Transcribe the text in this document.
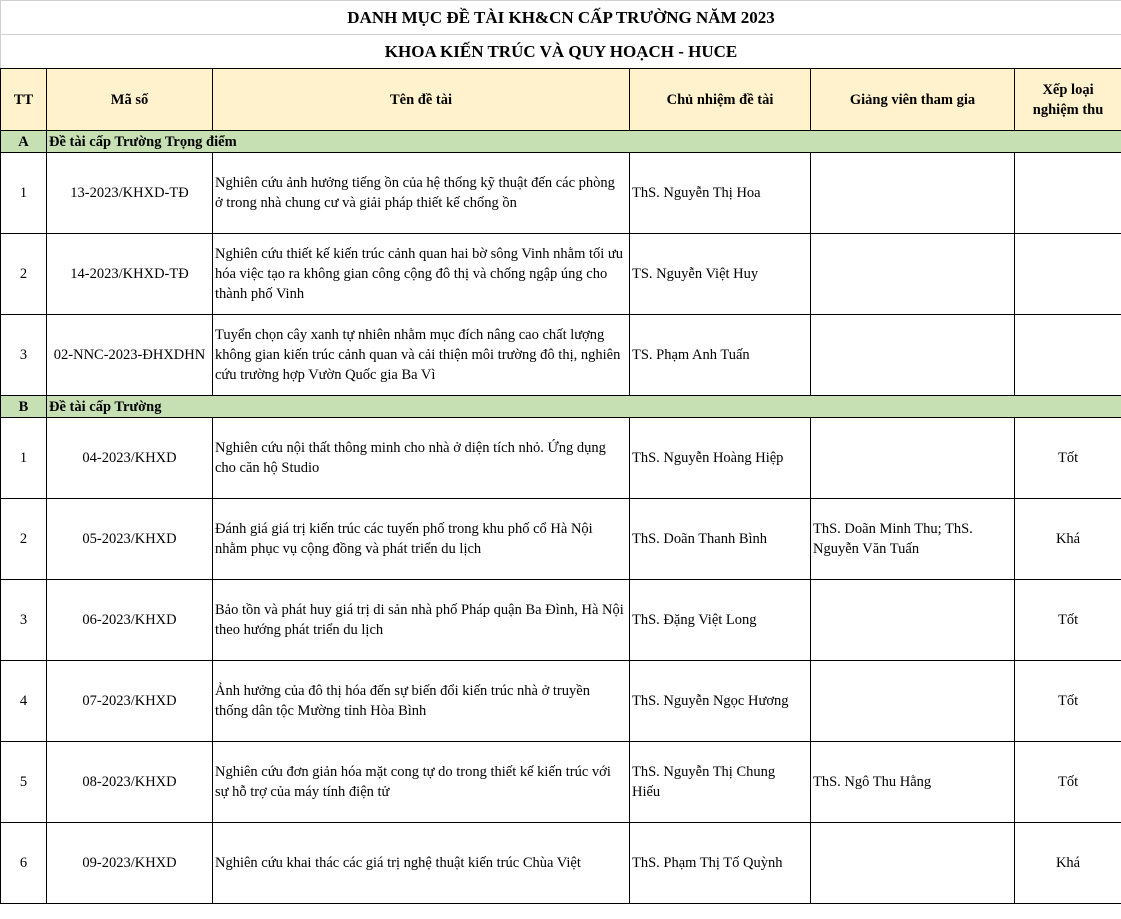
DANH MỤC ĐỀ TÀI KH&CN CẤP TRƯỜNG NĂM 2023					
KHOA KIẾN TRÚC VÀ QUY HOẠCH - HUCE					
TT	Mã số	Tên đề tài	Chủ nhiệm đề tài	Giảng viên tham gia	Xếp loại nghiệm thu
A	Đề tài cấp Trường Trọng điểm				
1	13-2023/KHXD-TĐ	Nghiên cứu ảnh hưởng tiếng ồn của hệ thống kỹ thuật đến các phòng ở trong nhà chung cư và giải pháp thiết kế chống ồn	ThS. Nguyễn Thị Hoa		
2	14-2023/KHXD-TĐ	Nghiên cứu thiết kế kiến trúc cảnh quan hai bờ sông Vinh nhằm tối ưu hóa việc tạo ra không gian công cộng đô thị và chống ngập úng cho thành phố Vinh	TS. Nguyễn Việt Huy		
3	02-NNC-2023-ĐHXDHN	Tuyển chọn cây xanh tự nhiên nhằm mục đích nâng cao chất lượng không gian kiến trúc cảnh quan và cải thiện môi trường đô thị, nghiên cứu trường hợp Vườn Quốc gia Ba Vì	TS. Phạm Anh Tuấn		
B	Đề tài cấp Trường				
1	04-2023/KHXD	Nghiên cứu nội thất thông minh cho nhà ở diện tích nhỏ. Ứng dụng cho căn hộ Studio	ThS. Nguyễn Hoàng Hiệp		Tốt
2	05-2023/KHXD	Đánh giá giá trị kiến trúc các tuyến phố trong khu phố cổ Hà Nội nhằm phục vụ cộng đồng và phát triển du lịch	ThS. Doãn Thanh Bình	ThS. Doãn Minh Thu; ThS. Nguyễn Văn Tuấn	Khá
3	06-2023/KHXD	Bảo tồn và phát huy giá trị di sản nhà phố Pháp quận Ba Đình, Hà Nội theo hướng phát triển du lịch	ThS. Đặng Việt Long		Tốt
4	07-2023/KHXD	Ảnh hưởng của đô thị hóa đến sự biến đổi kiến trúc nhà ở truyền thống dân tộc Mường tỉnh Hòa Bình	ThS. Nguyễn Ngọc Hương		Tốt
5	08-2023/KHXD	Nghiên cứu đơn giản hóa mặt cong tự do trong thiết kế kiến trúc với sự hỗ trợ của máy tính điện tử	ThS. Nguyễn Thị Chung Hiếu	ThS. Ngô Thu Hằng	Tốt
6	09-2023/KHXD	Nghiên cứu khai thác các giá trị nghệ thuật kiến trúc Chùa Việt	ThS. Phạm Thị Tố Quỳnh		Khá
